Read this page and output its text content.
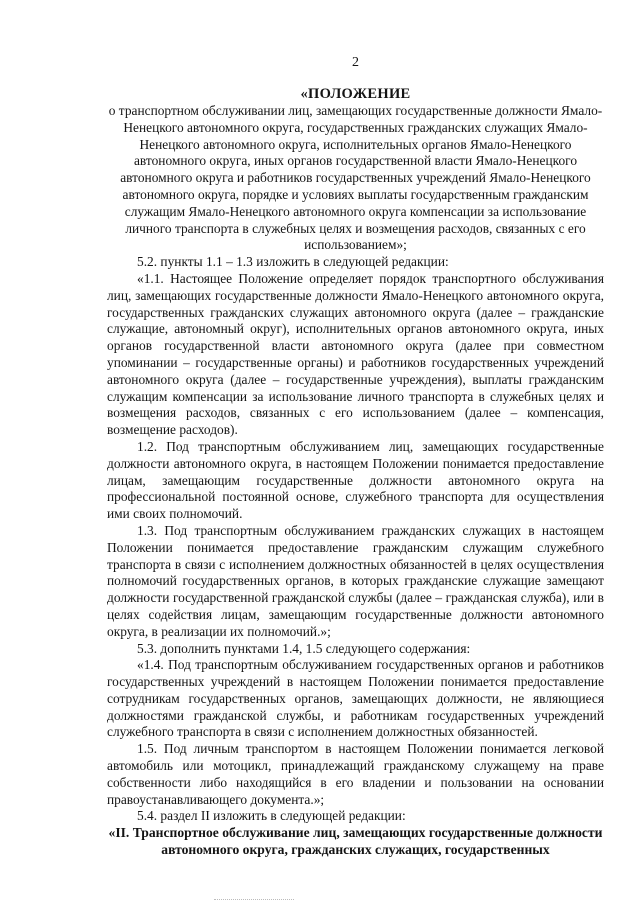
2
«ПОЛОЖЕНИЕ
о транспортном обслуживании лиц, замещающих государственные должности Ямало-Ненецкого автономного округа, государственных гражданских служащих Ямало-Ненецкого автономного округа, исполнительных органов Ямало-Ненецкого автономного округа, иных органов государственной власти Ямало-Ненецкого автономного округа и работников государственных учреждений Ямало-Ненецкого автономного округа, порядке и условиях выплаты государственным гражданским служащим Ямало-Ненецкого автономного округа компенсации за использование личного транспорта в служебных целях и возмещения расходов, связанных с его использованием»;

5.2. пункты 1.1 – 1.3 изложить в следующей редакции:

«1.1. Настоящее Положение определяет порядок транспортного обслуживания лиц, замещающих государственные должности Ямало-Ненецкого автономного округа, государственных гражданских служащих автономного округа (далее – гражданские служащие, автономный округ), исполнительных органов автономного округа, иных органов государственной власти автономного округа (далее при совместном упоминании – государственные органы) и работников государственных учреждений автономного округа (далее – государственные учреждения), выплаты гражданским служащим компенсации за использование личного транспорта в служебных целях и возмещения расходов, связанных с его использованием (далее – компенсация, возмещение расходов).

1.2. Под транспортным обслуживанием лиц, замещающих государственные должности автономного округа, в настоящем Положении понимается предоставление лицам, замещающим государственные должности автономного округа на профессиональной постоянной основе, служебного транспорта для осуществления ими своих полномочий.

1.3. Под транспортным обслуживанием гражданских служащих в настоящем Положении понимается предоставление гражданским служащим служебного транспорта в связи с исполнением должностных обязанностей в целях осуществления полномочий государственных органов, в которых гражданские служащие замещают должности государственной гражданской службы (далее – гражданская служба), или в целях содействия лицам, замещающим государственные должности автономного округа, в реализации их полномочий.»;

5.3. дополнить пунктами 1.4, 1.5 следующего содержания:

«1.4. Под транспортным обслуживанием государственных органов и работников государственных учреждений в настоящем Положении понимается предоставление сотрудникам государственных органов, замещающих должности, не являющиеся должностями гражданской службы, и работникам государственных учреждений служебного транспорта в связи с исполнением должностных обязанностей.

1.5. Под личным транспортом в настоящем Положении понимается легковой автомобиль или мотоцикл, принадлежащий гражданскому служащему на праве собственности либо находящийся в его владении и пользовании на основании правоустанавливающего документа.»;

5.4. раздел II изложить в следующей редакции:

«II. Транспортное обслуживание лиц, замещающих государственные должности автономного округа, гражданских служащих, государственных
